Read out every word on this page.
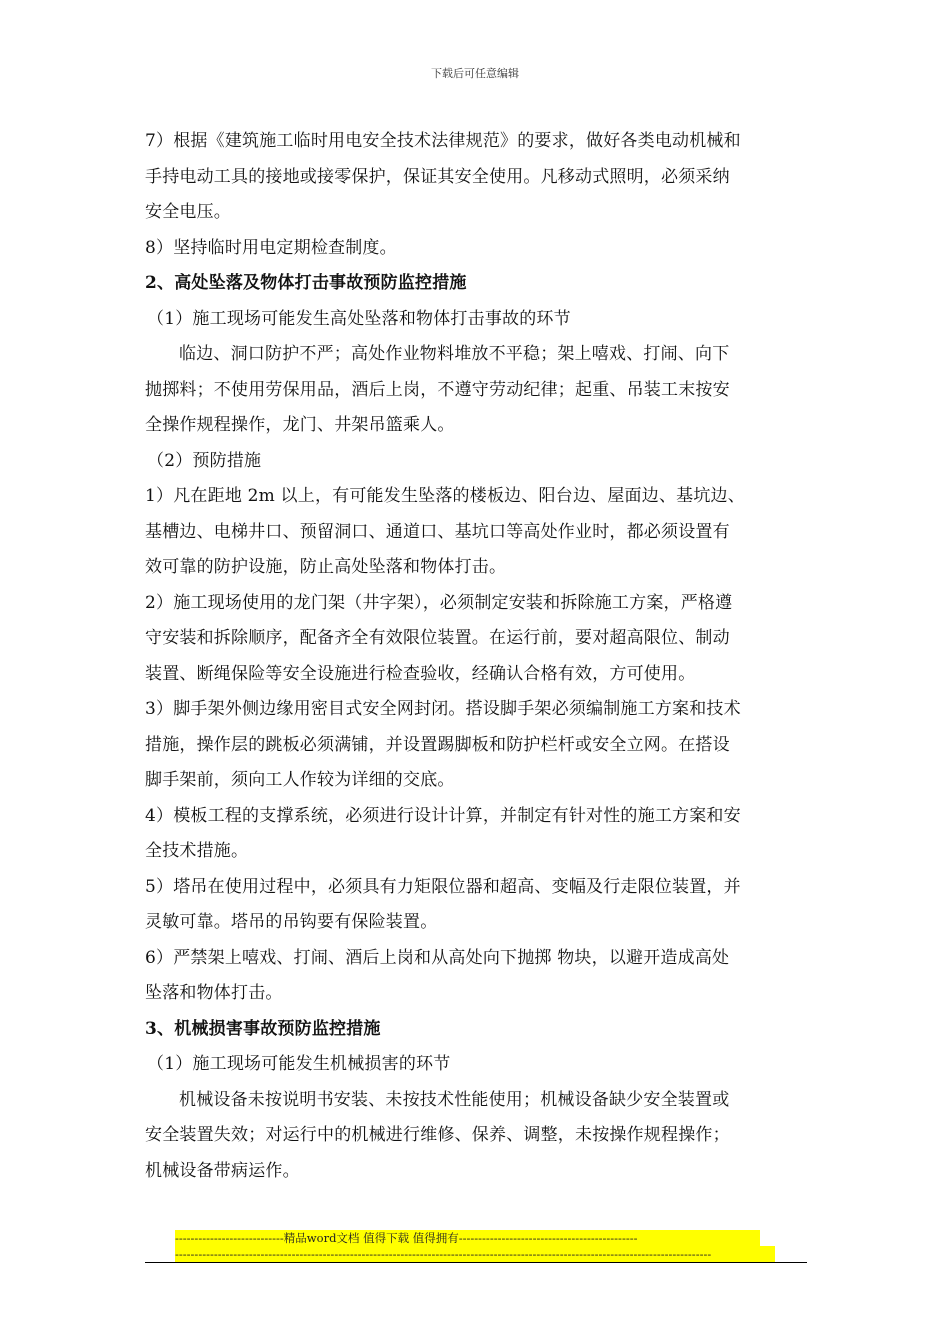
下载后可任意编辑
7）根据《建筑施工临时用电安全技术法律规范》的要求，做好各类电动机械和
手持电动工具的接地或接零保护，保证其安全使用。凡移动式照明，必须采纳
安全电压。
8）坚持临时用电定期检查制度。
2、高处坠落及物体打击事故预防监控措施
（1）施工现场可能发生高处坠落和物体打击事故的环节
临边、洞口防护不严；高处作业物料堆放不平稳；架上嘻戏、打闹、向下
抛掷料；不使用劳保用品，酒后上岗，不遵守劳动纪律；起重、吊装工末按安
全操作规程操作，龙门、井架吊篮乘人。
（2）预防措施
1）凡在距地 2m 以上，有可能发生坠落的楼板边、阳台边、屋面边、基坑边、
基槽边、电梯井口、预留洞口、通道口、基坑口等高处作业时，都必须设置有
效可靠的防护设施，防止高处坠落和物体打击。
2）施工现场使用的龙门架（井字架），必须制定安装和拆除施工方案，严格遵
守安装和拆除顺序，配备齐全有效限位装置。在运行前，要对超高限位、制动
装置、断绳保险等安全设施进行检查验收，经确认合格有效，方可使用。
3）脚手架外侧边缘用密目式安全网封闭。搭设脚手架必须编制施工方案和技术
措施，操作层的跳板必须满铺，并设置踢脚板和防护栏杆或安全立网。在搭设
脚手架前，须向工人作较为详细的交底。
4）模板工程的支撑系统，必须进行设计计算，并制定有针对性的施工方案和安
全技术措施。
5）塔吊在使用过程中，必须具有力矩限位器和超高、变幅及行走限位装置，并
灵敏可靠。塔吊的吊钩要有保险装置。
6）严禁架上嘻戏、打闹、酒后上岗和从高处向下抛掷 物块，以避开造成高处
坠落和物体打击。
3、机械损害事故预防监控措施
（1）施工现场可能发生机械损害的环节
机械设备未按说明书安装、未按技术性能使用；机械设备缺少安全装置或
安全装置失效；对运行中的机械进行维修、保养、调整，未按操作规程操作；
机械设备带病运作。
----------------------------精品word文档 值得下载 值得拥有----------------------------------------------
------------------------------------------------------------------------------------------------------------------------------------------
